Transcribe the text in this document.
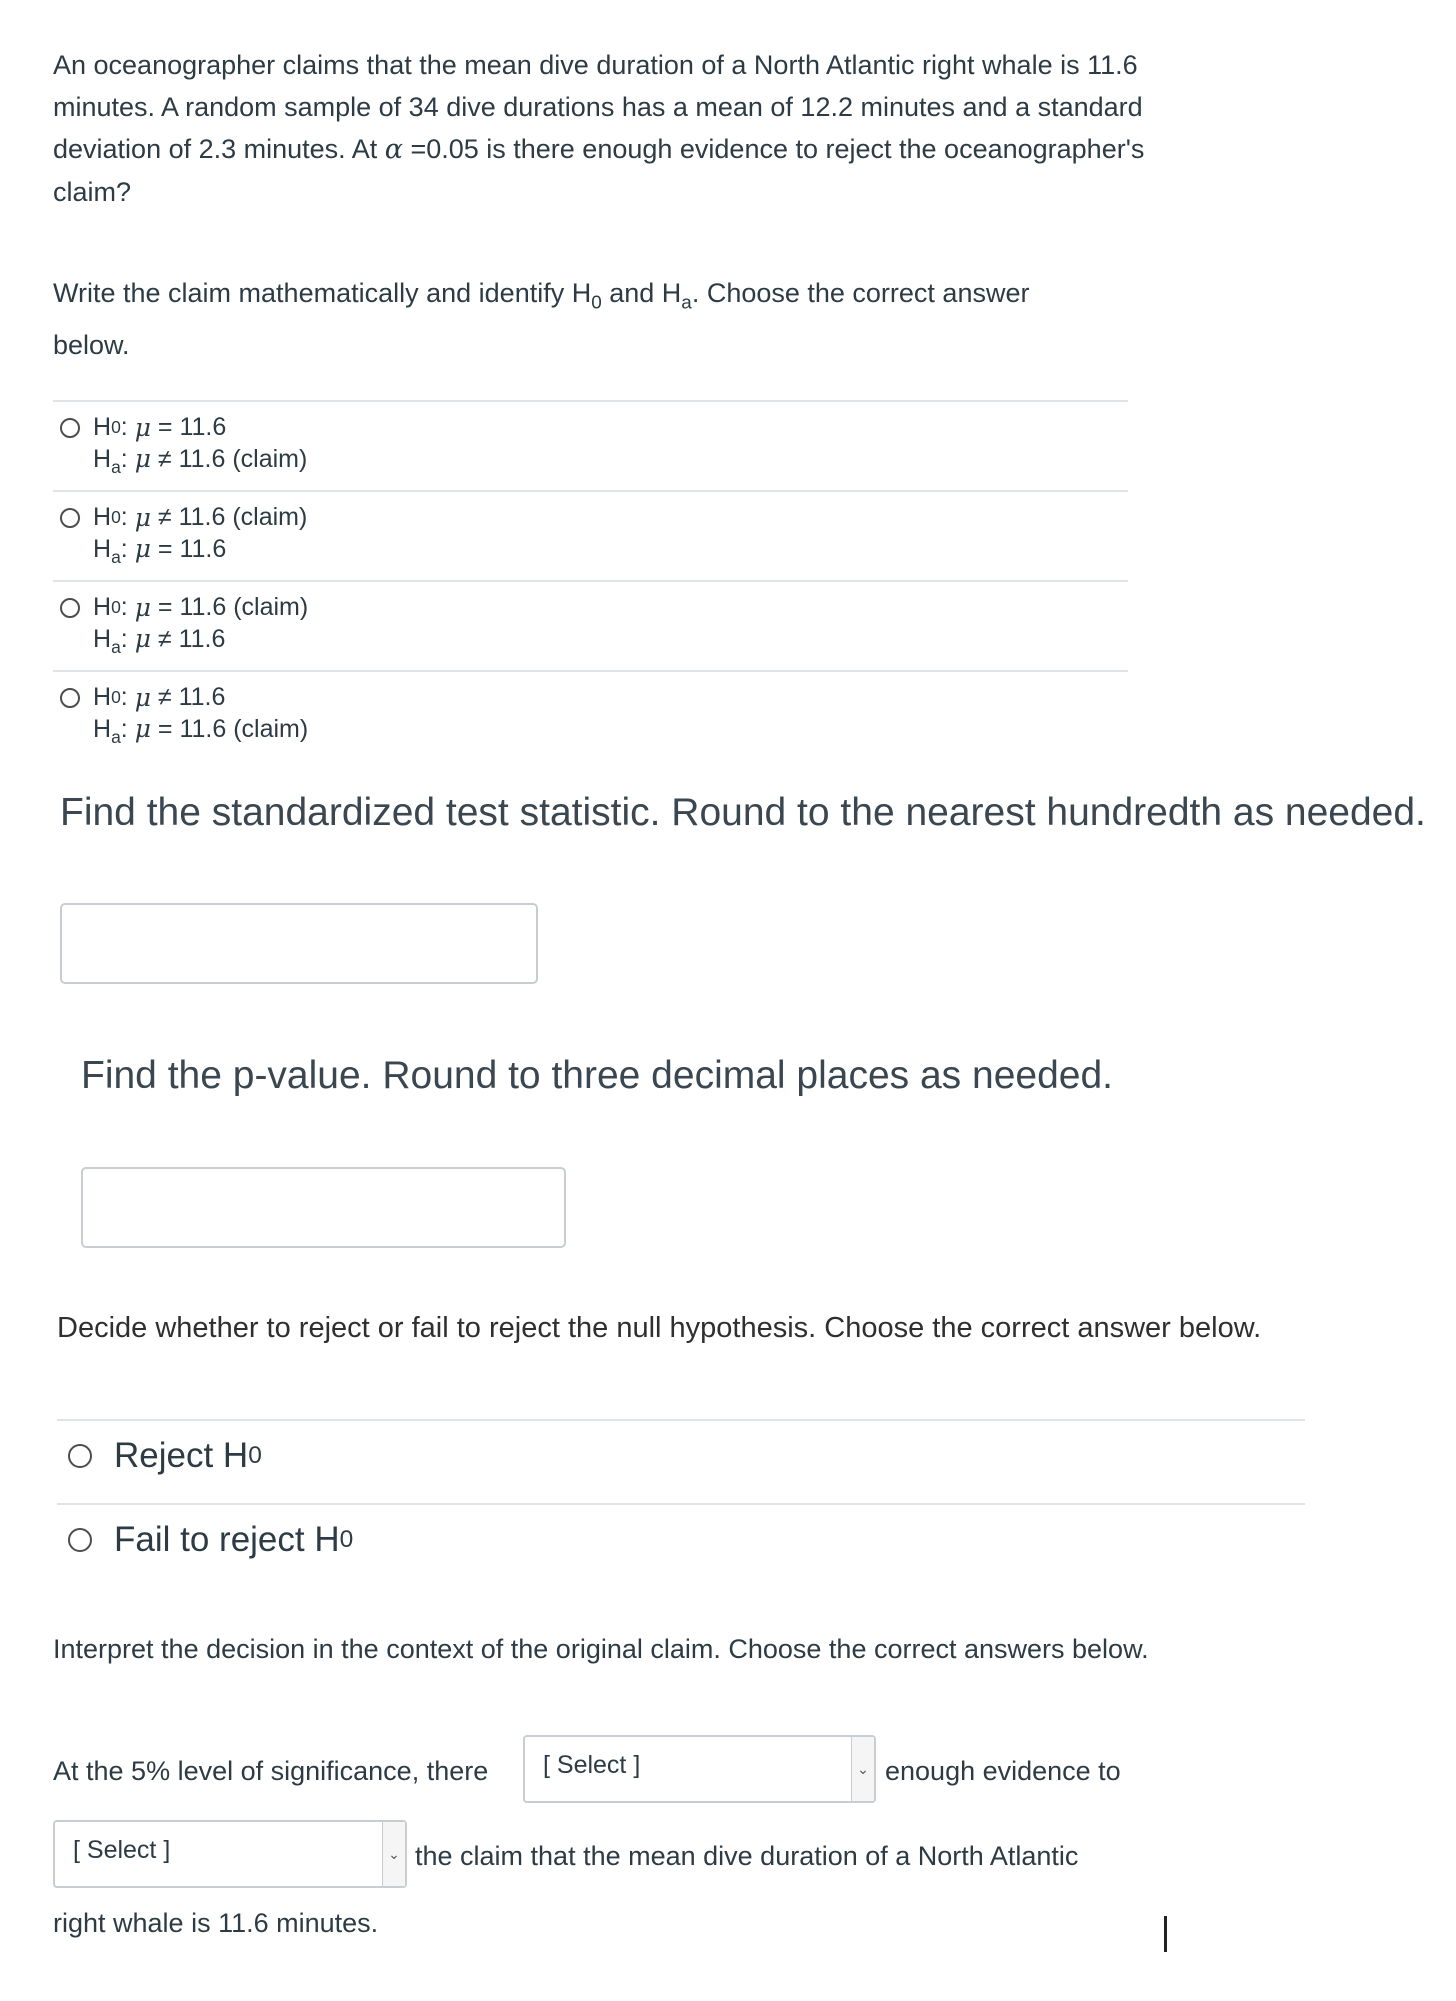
An oceanographer claims that the mean dive duration of a North Atlantic right whale is 11.6 minutes. A random sample of 34 dive durations has a mean of 12.2 minutes and a standard deviation of 2.3 minutes. At α =0.05 is there enough evidence to reject the oceanographer's claim?
Write the claim mathematically and identify $H_0$ and $H_a$. Choose the correct answer below.
H 0 : μ
= 11.6
$H_a$: μ ≠ 11.6 (claim)
H 0 : μ
≠ 11.6 (claim)
$H_a$: μ = 11.6
H 0 : μ
= 11.6 (claim)
$H_a$: μ ≠ 11.6
H 0 : μ
≠ 11.6
$H_a$: μ = 11.6 (claim)
Find the standardized test statistic. Round to the nearest hundredth as needed.
Find the p-value. Round to three decimal places as needed.
Decide whether to reject or fail to reject the null hypothesis. Choose the correct answer below.
Reject H 0
Fail to reject H 0
Interpret the decision in the context of the original claim. Choose the correct answers below.
At the 5% level of significance, there [ Select ]	⌄ enough evidence to
[ Select ]	⌄ the claim that the mean dive duration of a North Atlantic
right whale is 11.6 minutes.
